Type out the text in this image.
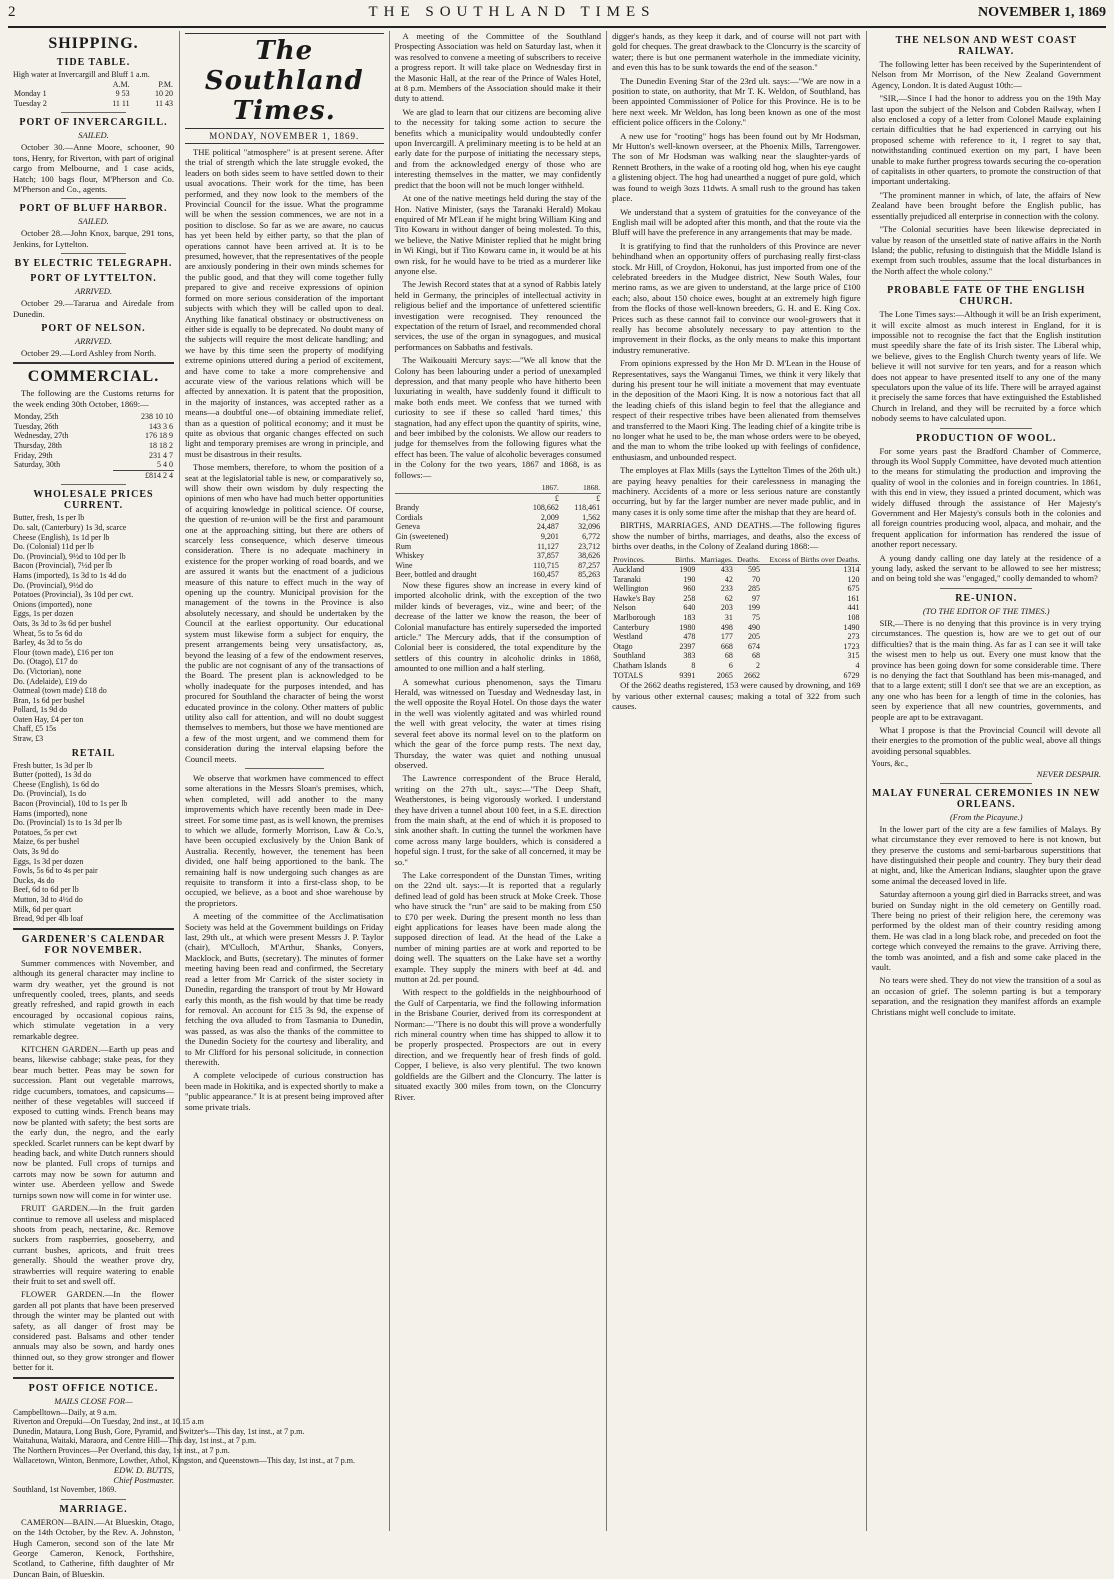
2	THE SOUTHLAND TIMES	NOVEMBER 1, 1869
SHIPPING.
TIDE TABLE.
High water at Invercargill and Bluff 1 a.m.
	A.M.	P.M.
Monday 1	9 53	10 20
Tuesday 2	11 11	11 43
PORT OF INVERCARGILL.
SAILED.

October 30.—Anne Moore, schooner, 90 tons, Henry, for Riverton, with part of original cargo from Melbourne, and 1 case acids, Hatch; 100 bags flour, M'Pherson and Co. M'Pherson and Co., agents.

PORT OF BLUFF HARBOR.
SAILED.

October 28.—John Knox, barque, 291 tons, Jenkins, for Lyttelton.

BY ELECTRIC TELEGRAPH.
PORT OF LYTTELTON.
ARRIVED.

October 29.—Tararua and Airedale from Dunedin.

PORT OF NELSON.
ARRIVED.

October 29.—Lord Ashley from North.

COMMERCIAL.

The following are the Customs returns for the week ending 30th October, 1869:—

Monday, 25th	238 10 10
Tuesday, 26th	143 3 6
Wednesday, 27th	176 18 9
Thursday, 28th	18 18 2
Friday, 29th	231 4 7
Saturday, 30th	5 4 0
	£814 2 4
WHOLESALE PRICES CURRENT.
Butter, fresh, 1s per lb
Do. salt, (Canterbury) 1s 3d, scarce
Cheese (English), 1s 1d per lb
Do. (Colonial) 11d per lb
Do. (Provincial), 9½d to 10d per lb
Bacon (Provincial), 7½d per lb
Hams (imported), 1s 3d to 1s 4d do
Do. (Provincial), 9½d do
Potatoes (Provincial), 3s 10d per cwt.
Onions (imported), none
Eggs, 1s per dozen
Oats, 3s 3d to 3s 6d per bushel
Wheat, 5s to 5s 6d do
Barley, 4s 3d to 5s do
Flour (town made), £16 per ton
Do. (Otago), £17 do
Do. (Victorian), none
Do. (Adelaide), £19 do
Oatmeal (town made) £18 do
Bran, 1s 6d per bushel
Pollard, 1s 9d do
Oaten Hay, £4 per ton
Chaff, £5 15s
Straw, £3
RETAIL
Fresh butter, 1s 3d per lb
Butter (potted), 1s 3d do
Cheese (English), 1s 6d do
Do. (Provincial), 1s do
Bacon (Provincial), 10d to 1s per lb
Hams (imported), none
Do. (Provincial) 1s to 1s 3d per lb
Potatoes, 5s per cwt
Maize, 6s per bushel
Oats, 3s 9d do
Eggs, 1s 3d per dozen
Fowls, 5s 6d to 4s per pair
Ducks, 4s do
Beef, 6d to 6d per lb
Mutton, 3d to 4½d do
Milk, 6d per quart
Bread, 9d per 4lb loaf
GARDENER'S CALENDAR FOR NOVEMBER.

Summer commences with November, and although its general character may incline to warm dry weather, yet the ground is not unfrequently cooled, trees, plants, and seeds greatly refreshed, and rapid growth in each encouraged by occasional copious rains, which stimulate vegetation in a very remarkable degree.

KITCHEN GARDEN.—Earth up peas and beans, likewise cabbage; stake peas, for they bear much better. Peas may be sown for succession. Plant out vegetable marrows, ridge cucumbers, tomatoes, and capsicums—neither of these vegetables will succeed if exposed to cutting winds. French beans may now be planted with safety; the best sorts are the early dun, the negro, and the early speckled. Scarlet runners can be kept dwarf by heading back, and white Dutch runners should now be planted. Full crops of turnips and carrots may now be sown for autumn and winter use. Aberdeen yellow and Swede turnips sown now will come in for winter use.

FRUIT GARDEN.—In the fruit garden continue to remove all useless and misplaced shoots from peach, nectarine, &c. Remove suckers from raspberries, gooseberry, and currant bushes, apricots, and fruit trees generally. Should the weather prove dry, strawberries will require watering to enable their fruit to set and swell off.

FLOWER GARDEN.—In the flower garden all pot plants that have been preserved through the winter may be planted out with safety, as all danger of frost may be considered past. Balsams and other tender annuals may also be sown, and hardy ones thinned out, so they grow stronger and flower better for it.

POST OFFICE NOTICE.
MAILS CLOSE FOR—
Campbelltown—Daily, at 9 a.m.
Riverton and Orepuki—On Tuesday, 2nd inst., at 10.15 a.m
Dunedin, Mataura, Long Bush, Gore, Pyramid, and Switzer's—This day, 1st inst., at 7 p.m.
Waitahuna, Waitaki, Maraora, and Centre Hill—This day, 1st inst., at 7 p.m.
The Northern Provinces—Per Overland, this day, 1st inst., at 7 p.m.
Wallacetown, Winton, Benmore, Lowther, Athol, Kingston, and Queenstown—This day, 1st inst., at 7 p.m.
EDW. D. BUTTS,
Chief Postmaster.
Southland, 1st November, 1869.
MARRIAGE.

CAMERON—BAIN.—At Blueskin, Otago, on the 14th October, by the Rev. A. Johnston, Hugh Cameron, second son of the late Mr George Cameron, Kenock, Forthshire, Scotland, to Catherine, fifth daughter of Mr Duncan Bain, of Blueskin.

The Southland Times.
MONDAY, NOVEMBER 1, 1869.

THE political "atmosphere" is at present serene. After the trial of strength which the late struggle evoked, the leaders on both sides seem to have settled down to their usual avocations. Their work for the time, has been performed, and they now look to the members of the Provincial Council for the issue. What the programme will be when the session commences, we are not in a position to disclose. So far as we are aware, no caucus has yet been held by either party, so that the plan of operations cannot have been arrived at. It is to be presumed, however, that the representatives of the people are anxiously pondering in their own minds schemes for the public good, and that they will come together fully prepared to give and receive expressions of opinion formed on more serious consideration of the important subjects with which they will be called upon to deal. Anything like fanatical obstinacy or obstructiveness on either side is equally to be deprecated. No doubt many of the subjects will require the most delicate handling; and we have by this time seen the property of modifying extreme opinions uttered during a period of excitement, and have come to take a more comprehensive and accurate view of the various relations which will be affected by annexation. It is patent that the proposition, in the majority of instances, was accepted rather as a means—a doubtful one—of obtaining immediate relief, than as a question of political economy; and it must be quite as obvious that organic changes effected on such light and temporary premises are wrong in principle, and must be disastrous in their results.

Those members, therefore, to whom the position of a seat at the legislatorial table is new, or comparatively so, will show their own wisdom by duly respecting the opinions of men who have had much better opportunities of acquiring knowledge in political science. Of course, the question of re-union will be the first and paramount one at the approaching sitting, but there are others of scarcely less consequence, which deserve timeous consideration. There is no adequate machinery in existence for the proper working of road boards, and we are assured it wants but the enactment of a judicious measure of this nature to effect much in the way of opening up the country. Municipal provision for the management of the towns in the Province is also absolutely necessary, and should be undertaken by the Council at the earliest opportunity. Our educational system must likewise form a subject for enquiry, the present arrangements being very unsatisfactory, as, beyond the leasing of a few of the endowment reserves, the public are not cognisant of any of the transactions of the Board. The present plan is acknowledged to be wholly inadequate for the purposes intended, and has procured for Southland the character of being the worst educated province in the colony. Other matters of public utility also call for attention, and will no doubt suggest themselves to members, but those we have mentioned are a few of the most urgent, and we commend them for consideration during the interval elapsing before the Council meets.

We observe that workmen have commenced to effect some alterations in the Messrs Sloan's premises, which, when completed, will add another to the many improvements which have recently been made in Dee-street. For some time past, as is well known, the premises to which we allude, formerly Morrison, Law & Co.'s, have been occupied exclusively by the Union Bank of Australia. Recently, however, the tenement has been divided, one half being apportioned to the bank. The remaining half is now undergoing such changes as are requisite to transform it into a first-class shop, to be occupied, we believe, as a boot and shoe warehouse by the proprietors.

A meeting of the committee of the Acclimatisation Society was held at the Government buildings on Friday last, 29th ult., at which were present Messrs J. P. Taylor (chair), M'Culloch, M'Arthur, Shanks, Conyers, Macklock, and Butts, (secretary). The minutes of former meeting having been read and confirmed, the Secretary read a letter from Mr Carrick of the sister society in Dunedin, regarding the transport of trout by Mr Howard early this month, as the fish would by that time be ready for removal. An account for £15 3s 9d, the expense of fetching the ova alluded to from Tasmania to Dunedin, was passed, as was also the thanks of the committee to the Dunedin Society for the courtesy and liberality, and to Mr Clifford for his personal solicitude, in connection therewith.

A complete velocipede of curious construction has been made in Hokitika, and is expected shortly to make a "public appearance." It is at present being improved after some private trials.

A meeting of the Committee of the Southland Prospecting Association was held on Saturday last, when it was resolved to convene a meeting of subscribers to receive a progress report. It will take place on Wednesday first in the Masonic Hall, at the rear of the Prince of Wales Hotel, at 8 p.m. Members of the Association should make it their duty to attend.

We are glad to learn that our citizens are becoming alive to the necessity for taking some action to secure the benefits which a municipality would undoubtedly confer upon Invercargill. A preliminary meeting is to be held at an early date for the purpose of initiating the necessary steps, and from the acknowledged energy of those who are interesting themselves in the matter, we may confidently predict that the boon will not be much longer withheld.

At one of the native meetings held during the stay of the Hon. Native Minister, (says the Taranaki Herald) Mokau enquired of Mr M'Lean if he might bring William King and Tito Kowaru in without danger of being molested. To this, we believe, the Native Minister replied that he might bring in Wi Kingi, but if Tito Kowaru came in, it would be at his own risk, for he would have to be tried as a murderer like anyone else.

The Jewish Record states that at a synod of Rabbis lately held in Germany, the principles of intellectual activity in religious belief and the importance of unfettered scientific investigation were recognised. They renounced the expectation of the return of Israel, and recommended choral services, the use of the organ in synagogues, and musical performances on Sabbaths and festivals.

The Waikouaiti Mercury says:—"We all know that the Colony has been labouring under a period of unexampled depression, and that many people who have hitherto been luxuriating in wealth, have suddenly found it difficult to make both ends meet. We confess that we turned with curiosity to see if these so called 'hard times,' this stagnation, had any effect upon the quantity of spirits, wine, and beer imbibed by the colonists. We allow our readers to judge for themselves from the following figures what the effect has been. The value of alcoholic beverages consumed in the Colony for the two years, 1867 and 1868, is as follows:—

	1867.	1868.
	£	£
Brandy	108,662	118,461
Cordials	2,009	1,562
Geneva	24,487	32,096
Gin (sweetened)	9,201	6,772
Rum	11,127	23,712
Whiskey	37,857	38,626
Wine	110,715	87,257
Beer, bottled and draught	160,457	85,263

Now these figures show an increase in every kind of imported alcoholic drink, with the exception of the two milder kinds of beverages, viz., wine and beer; of the decrease of the latter we know the reason, the beer of Colonial manufacture has entirely superseded the imported article." The Mercury adds, that if the consumption of Colonial beer is considered, the total expenditure by the settlers of this country in alcoholic drinks in 1868, amounted to one million and a half sterling.

A somewhat curious phenomenon, says the Timaru Herald, was witnessed on Tuesday and Wednesday last, in the well opposite the Royal Hotel. On those days the water in the well was violently agitated and was whirled round the well with great velocity, the water at times rising several feet above its normal level on to the platform on which the gear of the force pump rests. The next day, Thursday, the water was quiet and nothing unusual observed.

The Lawrence correspondent of the Bruce Herald, writing on the 27th ult., says:—"The Deep Shaft, Weatherstones, is being vigorously worked. I understand they have driven a tunnel about 100 feet, in a S.E. direction from the main shaft, at the end of which it is proposed to sink another shaft. In cutting the tunnel the workmen have come across many large boulders, which is considered a hopeful sign. I trust, for the sake of all concerned, it may be so."

The Lake correspondent of the Dunstan Times, writing on the 22nd ult. says:—It is reported that a regularly defined lead of gold has been struck at Moke Creek. Those who have struck the "run" are said to be making from £50 to £70 per week. During the present month no less than eight applications for leases have been made along the supposed direction of lead. At the head of the Lake a number of mining parties are at work and reported to be doing well. The squatters on the Lake have set a worthy example. They supply the miners with beef at 4d. and mutton at 2d. per pound.

With respect to the goldfields in the neighbourhood of the Gulf of Carpentaria, we find the following information in the Brisbane Courier, derived from its correspondent at Norman:—"There is no doubt this will prove a wonderfully rich mineral country when time has shipped to allow it to be properly prospected. Prospectors are out in every direction, and we frequently hear of fresh finds of gold. Copper, I believe, is also very plentiful. The two known goldfields are the Gilbert and the Cloncurry. The latter is situated exactly 300 miles from town, on the Cloncurry River.

digger's hands, as they keep it dark, and of course will not part with gold for cheques. The great drawback to the Cloncurry is the scarcity of water; there is but one permanent waterhole in the immediate vicinity, and even this has to be sunk towards the end of the season."

The Dunedin Evening Star of the 23rd ult. says:—"We are now in a position to state, on authority, that Mr T. K. Weldon, of Southland, has been appointed Commissioner of Police for this Province. He is to be here next week. Mr Weldon, has long been known as one of the most efficient police officers in the Colony."

A new use for "rooting" hogs has been found out by Mr Hodsman, Mr Hutton's well-known overseer, at the Phoenix Mills, Tarrengower. The son of Mr Hodsman was walking near the slaughter-yards of Rennett Brothers, in the wake of a rooting old hog, when his eye caught a glistening object. The hog had unearthed a nugget of pure gold, which was found to weigh 3ozs 11dwts. A small rush to the ground has taken place.

We understand that a system of gratuities for the conveyance of the English mail will be adopted after this month, and that the route via the Bluff will have the preference in any arrangements that may be made.

It is gratifying to find that the runholders of this Province are never behindhand when an opportunity offers of purchasing really first-class stock. Mr Hill, of Croydon, Hokonui, has just imported from one of the celebrated breeders in the Mudgee district, New South Wales, four merino rams, as we are given to understand, at the large price of £100 each; also, about 150 choice ewes, bought at an extremely high figure from the flocks of those well-known breeders, G. H. and E. King Cox. Prices such as these cannot fail to convince our wool-growers that it really has become absolutely necessary to pay attention to the improvement in their flocks, as the only means to make this important industry remunerative.

From opinions expressed by the Hon Mr D. M'Lean in the House of Representatives, says the Wanganui Times, we think it very likely that during his present tour he will initiate a movement that may eventuate in the deposition of the Maori King. It is now a notorious fact that all the leading chiefs of this island begin to feel that the allegiance and respect of their respective tribes have been alienated from themselves and transferred to the Maori King. The leading chief of a kingite tribe is no longer what he used to be, the man whose orders were to be obeyed, and the man to whom the tribe looked up with feelings of confidence, enthusiasm, and unbounded respect.

The employes at Flax Mills (says the Lyttelton Times of the 26th ult.) are paying heavy penalties for their carelessness in managing the machinery. Accidents of a more or less serious nature are constantly occurring, but by far the larger number are never made public, and in many cases it is only some time after the mishap that they are heard of.

BIRTHS, MARRIAGES, AND DEATHS.—The following figures show the number of births, marriages, and deaths, also the excess of births over deaths, in the Colony of Zealand during 1868:—

Provinces.	Births.	Marriages.	Deaths.	Excess of Births over Deaths.
Auckland	1909	433	595	1314
Taranaki	190	42	70	120
Wellington	960	233	285	675
Hawke's Bay	258	62	97	161
Nelson	640	203	199	441
Marlborough	183	31	75	108
Canterbury	1980	498	490	1490
Westland	478	177	205	273
Otago	2397	668	674	1723
Southland	383	68	68	315
Chatham Islands	8	6	2	4
TOTALS	9391	2065	2662	6729

Of the 2662 deaths registered, 153 were caused by drowning, and 169 by various other external causes; making a total of 322 from such causes.

THE NELSON AND WEST COAST RAILWAY.

The following letter has been received by the Superintendent of Nelson from Mr Morrison, of the New Zealand Government Agency, London. It is dated August 10th:—

"SIR,—Since I had the honor to address you on the 19th May last upon the subject of the Nelson and Cobden Railway, when I also enclosed a copy of a letter from Colonel Maude explaining certain difficulties that he had experienced in carrying out his proposed scheme with reference to it, I regret to say that, notwithstanding continued exertion on my part, I have been unable to make further progress towards securing the co-operation of capitalists in other quarters, to promote the construction of that important undertaking.

"The prominent manner in which, of late, the affairs of New Zealand have been brought before the English public, has essentially prejudiced all enterprise in connection with the colony.

"The Colonial securities have been likewise depreciated in value by reason of the unsettled state of native affairs in the North Island; the public, refusing to distinguish that the Middle Island is exempt from such troubles, assume that the local disturbances in the North affect the whole colony."

PROBABLE FATE OF THE ENGLISH CHURCH.

The Lone Times says:—Although it will be an Irish experiment, it will excite almost as much interest in England, for it is impossible not to recognise the fact that the English institution must speedily share the fate of its Irish sister. The Liberal whip, we believe, gives to the English Church twenty years of life. We believe it will not survive for ten years, and for a reason which does not appear to have presented itself to any one of the many speculators upon the value of its life. There will be arrayed against it precisely the same forces that have extinguished the Established Church in Ireland, and they will be recruited by a force which nobody seems to have calculated upon.

PRODUCTION OF WOOL.

For some years past the Bradford Chamber of Commerce, through its Wool Supply Committee, have devoted much attention to the means for stimulating the production and improving the quality of wool in the colonies and in foreign countries. In 1861, with this end in view, they issued a printed document, which was widely diffused through the assistance of Her Majesty's Government and Her Majesty's consuls both in the colonies and all foreign countries producing wool, alpaca, and mohair, and the frequent application for information has rendered the issue of another report necessary.

A young dandy calling one day lately at the residence of a young lady, asked the servant to be allowed to see her mistress; and on being told she was "engaged," coolly demanded to whom?

RE-UNION.
(TO THE EDITOR OF THE TIMES.)

SIR,—There is no denying that this province is in very trying circumstances. The question is, how are we to get out of our difficulties? that is the main thing. As far as I can see it will take the wisest men to help us out. Every one must know that the province has been going down for some considerable time. There is no denying the fact that Southland has been mis-managed, and that to a large extent; still I don't see that we are an exception, as any one who has been for a length of time in the colonies, has seen by experience that all new countries, governments, and people are apt to be extravagant.

What I propose is that the Provincial Council will devote all their energies to the promotion of the public weal, above all things avoiding personal squabbles.

Yours, &c.,
NEVER DESPAIR.
MALAY FUNERAL CEREMONIES IN NEW ORLEANS.
(From the Picayune.)

In the lower part of the city are a few families of Malays. By what circumstance they ever removed to here is not known, but they preserve the customs and semi-barbarous superstitions that have distinguished their people and country. They bury their dead at night, and, like the American Indians, slaughter upon the grave some animal the deceased loved in life.

Saturday afternoon a young girl died in Barracks street, and was buried on Sunday night in the old cemetery on Gentilly road. There being no priest of their religion here, the ceremony was performed by the oldest man of their country residing among them. He was clad in a long black robe, and preceded on foot the cortege which conveyed the remains to the grave. Arriving there, the tomb was anointed, and a fish and some cake placed in the vault.

No tears were shed. They do not view the transition of a soul as an occasion of grief. The solemn parting is but a temporary separation, and the resignation they manifest affords an example Christians might well conclude to imitate.
